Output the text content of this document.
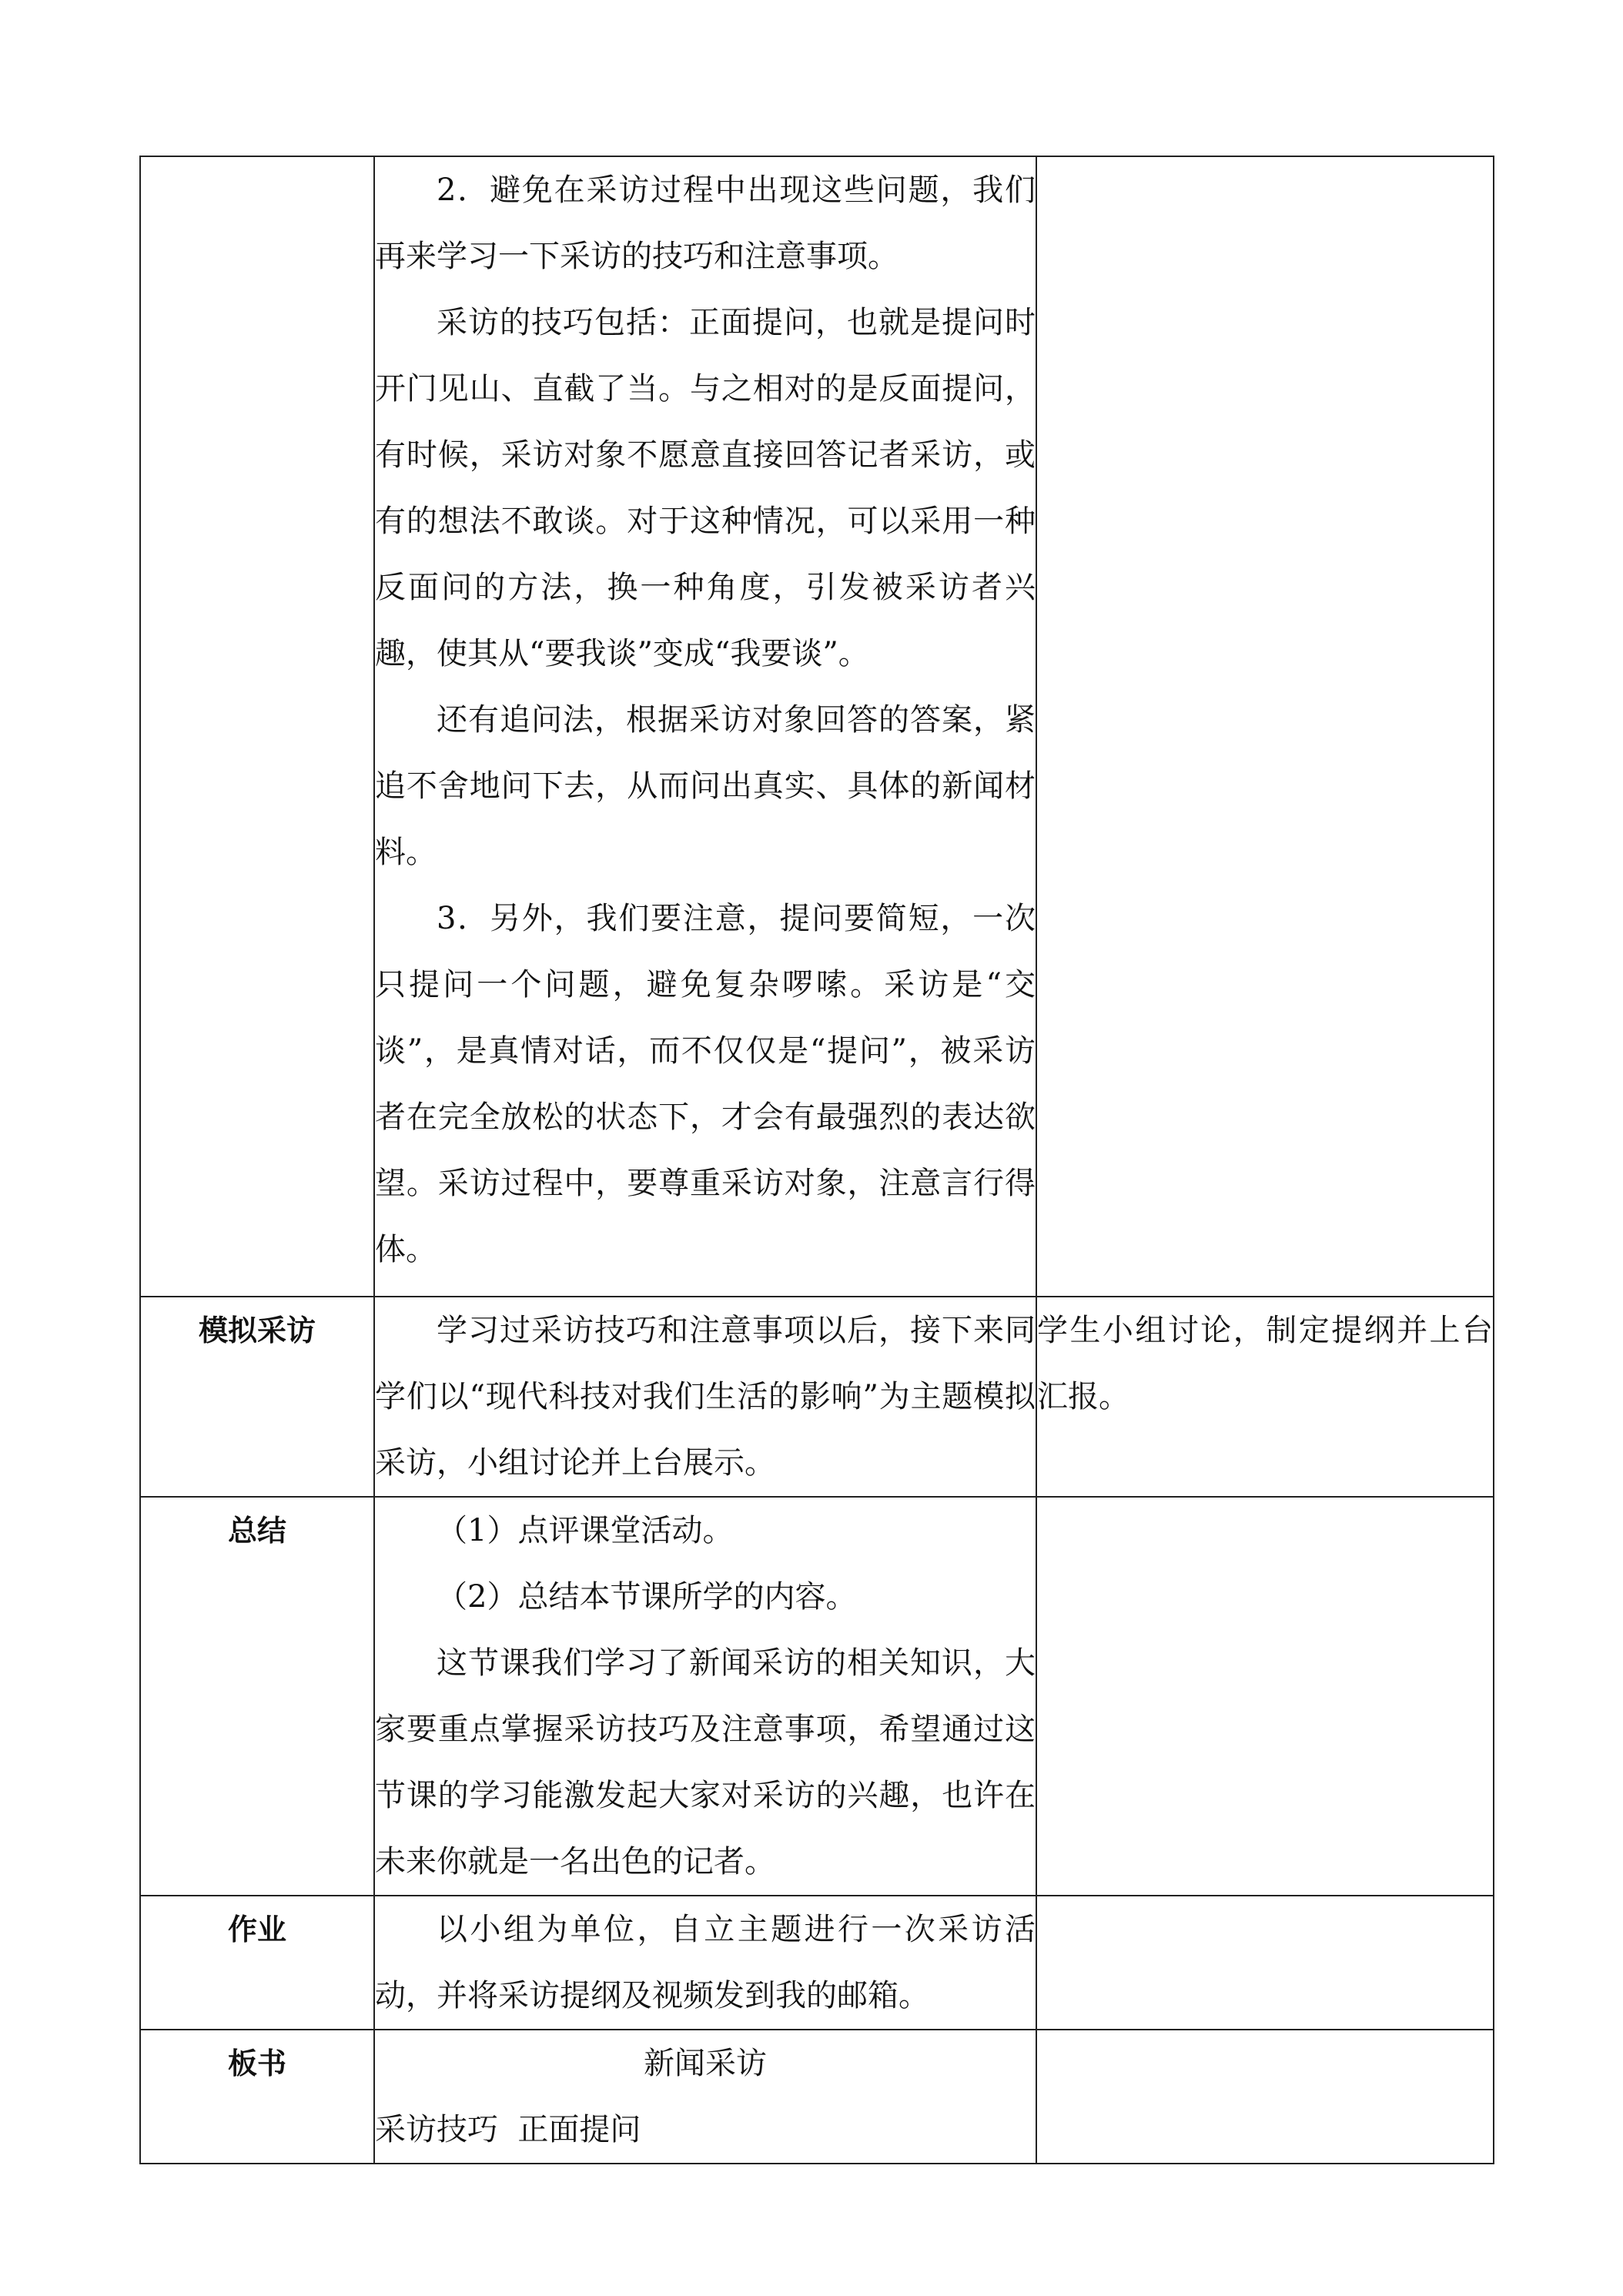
	2．避免在采访过程中出现这些问题，我们再来学习一下采访的技巧和注意事项。

采访的技巧包括：正面提问，也就是提问时开门见山、直截了当。与之相对的是反面提问，有时候，采访对象不愿意直接回答记者采访，或有的想法不敢谈。对于这种情况，可以采用一种反面问的方法，换一种角度，引发被采访者兴趣，使其从“要我谈”变成“我要谈”。

还有追问法，根据采访对象回答的答案，紧追不舍地问下去，从而问出真实、具体的新闻材料。

3．另外，我们要注意，提问要简短，一次只提问一个问题，避免复杂啰嗦。采访是“交谈”，是真情对话，而不仅仅是“提问”，被采访者在完全放松的状态下，才会有最强烈的表达欲望。采访过程中，要尊重采访对象，注意言行得体。	

模拟采访	学习过采访技巧和注意事项以后，接下来同学们以“现代科技对我们生活的影响”为主题模拟采访，小组讨论并上台展示。	学生小组讨论，制定提纲并上台汇报。

总结	（1）点评课堂活动。

（2）总结本节课所学的内容。

这节课我们学习了新闻采访的相关知识，大家要重点掌握采访技巧及注意事项，希望通过这节课的学习能激发起大家对采访的兴趣，也许在未来你就是一名出色的记者。	

作业	以小组为单位，自立主题进行一次采访活动，并将采访提纲及视频发到我的邮箱。	

板书	新闻采访

采访技巧  正面提问	
